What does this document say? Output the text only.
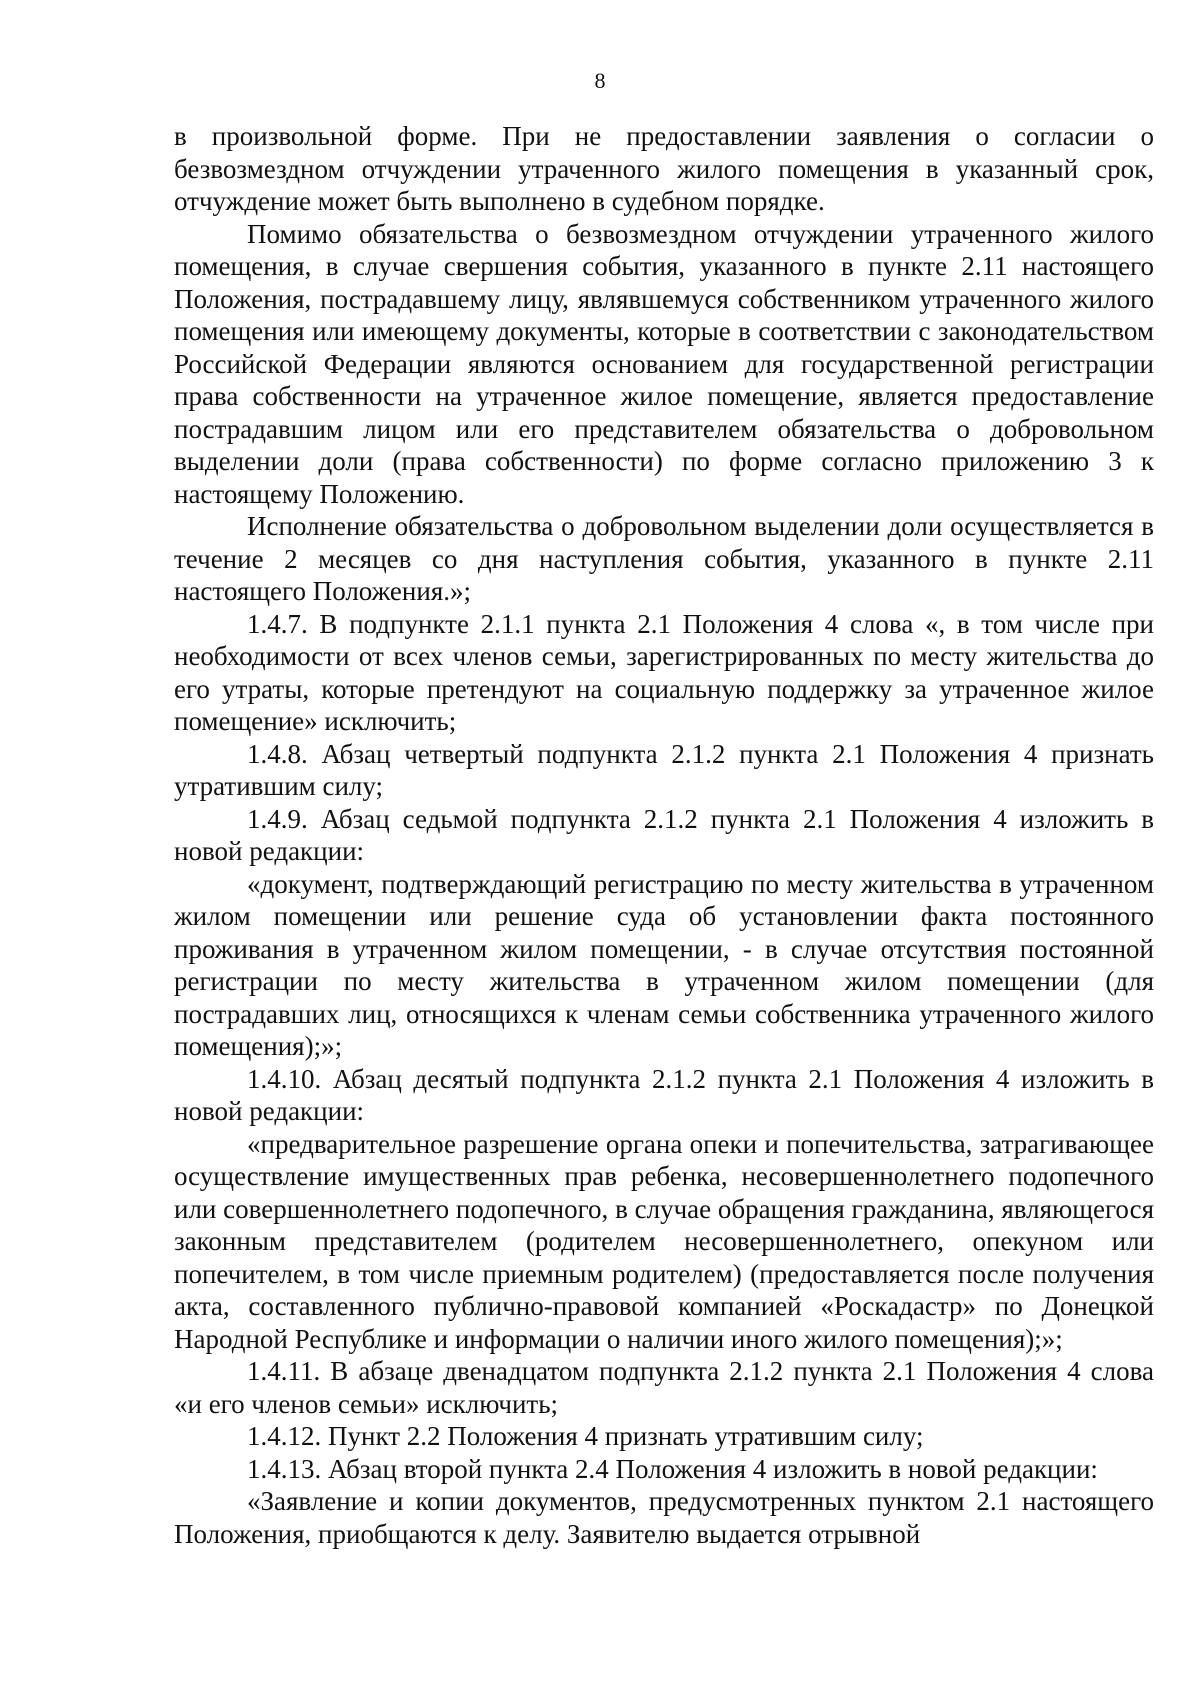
8

в произвольной форме. При не предоставлении заявления о согласии о безвозмездном отчуждении утраченного жилого помещения в указанный срок, отчуждение может быть выполнено в судебном порядке.

Помимо обязательства о безвозмездном отчуждении утраченного жилого помещения, в случае свершения события, указанного в пункте 2.11 настоящего Положения, пострадавшему лицу, являвшемуся собственником утраченного жилого помещения или имеющему документы, которые в соответствии с законодательством Российской Федерации являются основанием для государственной регистрации права собственности на утраченное жилое помещение, является предоставление пострадавшим лицом или его представителем обязательства о добровольном выделении доли (права собственности) по форме согласно приложению 3 к настоящему Положению.

Исполнение обязательства о добровольном выделении доли осуществляется в течение 2 месяцев со дня наступления события, указанного в пункте 2.11 настоящего Положения.»;

1.4.7. В подпункте 2.1.1 пункта 2.1 Положения 4 слова «, в том числе при необходимости от всех членов семьи, зарегистрированных по месту жительства до его утраты, которые претендуют на социальную поддержку за утраченное жилое помещение» исключить;

1.4.8. Абзац четвертый подпункта 2.1.2 пункта 2.1 Положения 4 признать утратившим силу;

1.4.9. Абзац седьмой подпункта 2.1.2 пункта 2.1 Положения 4 изложить в новой редакции:

«документ, подтверждающий регистрацию по месту жительства в утраченном жилом помещении или решение суда об установлении факта постоянного проживания в утраченном жилом помещении, - в случае отсутствия постоянной регистрации по месту жительства в утраченном жилом помещении (для пострадавших лиц, относящихся к членам семьи собственника утраченного жилого помещения);»;

1.4.10. Абзац десятый подпункта 2.1.2 пункта 2.1 Положения 4 изложить в новой редакции:

«предварительное разрешение органа опеки и попечительства, затрагивающее осуществление имущественных прав ребенка, несовершеннолетнего подопечного или совершеннолетнего подопечного, в случае обращения гражданина, являющегося законным представителем (родителем несовершеннолетнего, опекуном или попечителем, в том числе приемным родителем) (предоставляется после получения акта, составленного публично-правовой компанией «Роскадастр» по Донецкой Народной Республике и информации о наличии иного жилого помещения);»;

1.4.11. В абзаце двенадцатом подпункта 2.1.2 пункта 2.1 Положения 4 слова «и его членов семьи» исключить;

1.4.12. Пункт 2.2 Положения 4 признать утратившим силу;

1.4.13. Абзац второй пункта 2.4 Положения 4 изложить в новой редакции:

«Заявление и копии документов, предусмотренных пунктом 2.1 настоящего Положения, приобщаются к делу. Заявителю выдается отрывной
